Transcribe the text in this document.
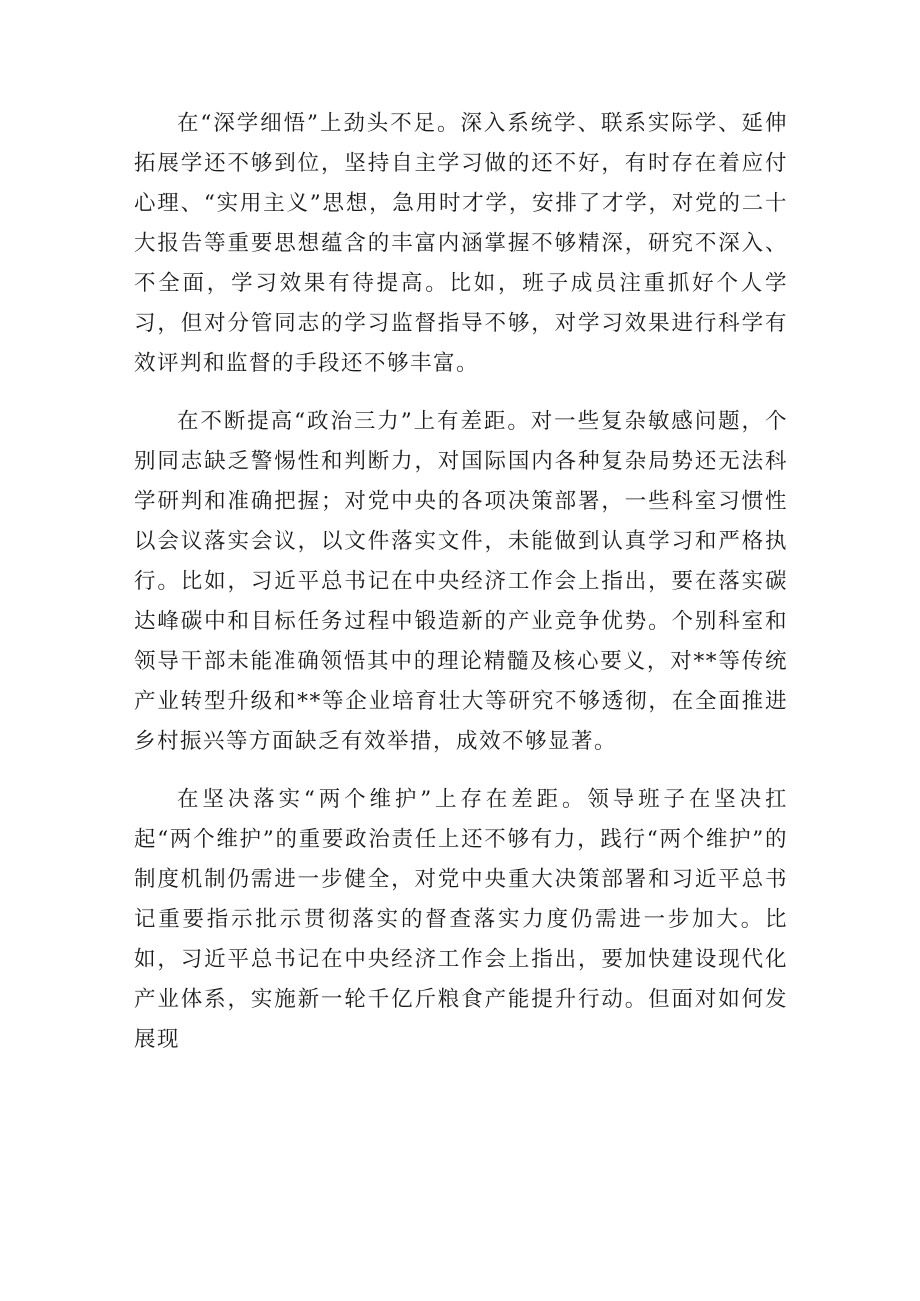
在“深学细悟”上劲头不足。深入系统学、联系实际学、延伸拓展学还不够到位，坚持自主学习做的还不好，有时存在着应付心理、“实用主义”思想，急用时才学，安排了才学，对党的二十大报告等重要思想蕴含的丰富内涵掌握不够精深，研究不深入、不全面，学习效果有待提高。比如，班子成员注重抓好个人学习，但对分管同志的学习监督指导不够，对学习效果进行科学有效评判和监督的手段还不够丰富。

在不断提高“政治三力”上有差距。对一些复杂敏感问题，个别同志缺乏警惕性和判断力，对国际国内各种复杂局势还无法科学研判和准确把握；对党中央的各项决策部署，一些科室习惯性以会议落实会议，以文件落实文件，未能做到认真学习和严格执行。比如，习近平总书记在中央经济工作会上指出，要在落实碳达峰碳中和目标任务过程中锻造新的产业竞争优势。个别科室和领导干部未能准确领悟其中的理论精髓及核心要义，对**等传统产业转型升级和**等企业培育壮大等研究不够透彻，在全面推进乡村振兴等方面缺乏有效举措，成效不够显著。

在坚决落实“两个维护”上存在差距。领导班子在坚决扛起“两个维护”的重要政治责任上还不够有力，践行“两个维护”的制度机制仍需进一步健全，对党中央重大决策部署和习近平总书记重要指示批示贯彻落实的督查落实力度仍需进一步加大。比如，习近平总书记在中央经济工作会上指出，要加快建设现代化产业体系，实施新一轮千亿斤粮食产能提升行动。但面对如何发展现
